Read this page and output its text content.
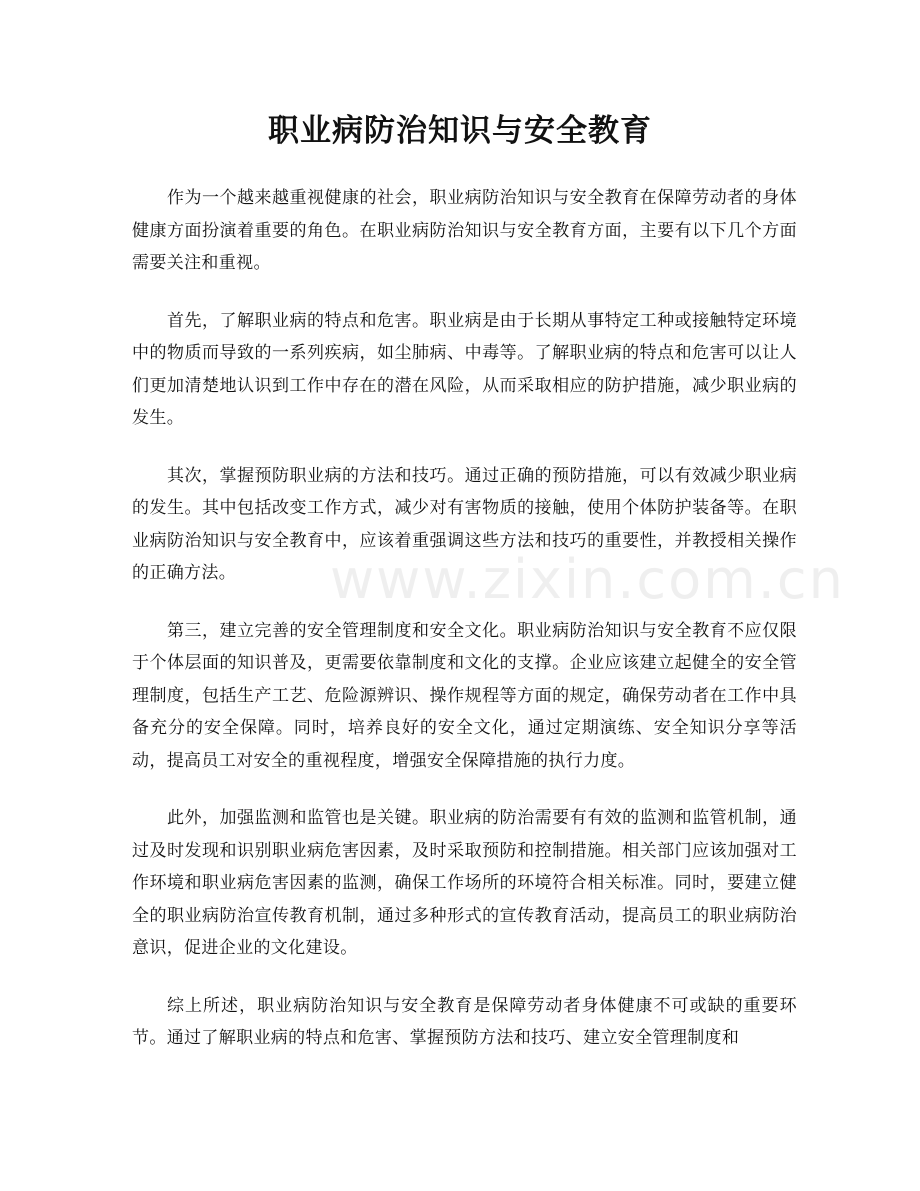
职业病防治知识与安全教育

作为一个越来越重视健康的社会，职业病防治知识与安全教育在保障劳动者的身体健康方面扮演着重要的角色。在职业病防治知识与安全教育方面，主要有以下几个方面需要关注和重视。

首先，了解职业病的特点和危害。职业病是由于长期从事特定工种或接触特定环境中的物质而导致的一系列疾病，如尘肺病、中毒等。了解职业病的特点和危害可以让人们更加清楚地认识到工作中存在的潜在风险，从而采取相应的防护措施，减少职业病的发生。

其次，掌握预防职业病的方法和技巧。通过正确的预防措施，可以有效减少职业病的发生。其中包括改变工作方式，减少对有害物质的接触，使用个体防护装备等。在职业病防治知识与安全教育中，应该着重强调这些方法和技巧的重要性，并教授相关操作的正确方法。

第三，建立完善的安全管理制度和安全文化。职业病防治知识与安全教育不应仅限于个体层面的知识普及，更需要依靠制度和文化的支撑。企业应该建立起健全的安全管理制度，包括生产工艺、危险源辨识、操作规程等方面的规定，确保劳动者在工作中具备充分的安全保障。同时，培养良好的安全文化，通过定期演练、安全知识分享等活动，提高员工对安全的重视程度，增强安全保障措施的执行力度。

此外，加强监测和监管也是关键。职业病的防治需要有有效的监测和监管机制，通过及时发现和识别职业病危害因素，及时采取预防和控制措施。相关部门应该加强对工作环境和职业病危害因素的监测，确保工作场所的环境符合相关标准。同时，要建立健全的职业病防治宣传教育机制，通过多种形式的宣传教育活动，提高员工的职业病防治意识，促进企业的文化建设。

综上所述，职业病防治知识与安全教育是保障劳动者身体健康不可或缺的重要环节。通过了解职业病的特点和危害、掌握预防方法和技巧、建立安全管理制度和

www.zixin.com.cn
